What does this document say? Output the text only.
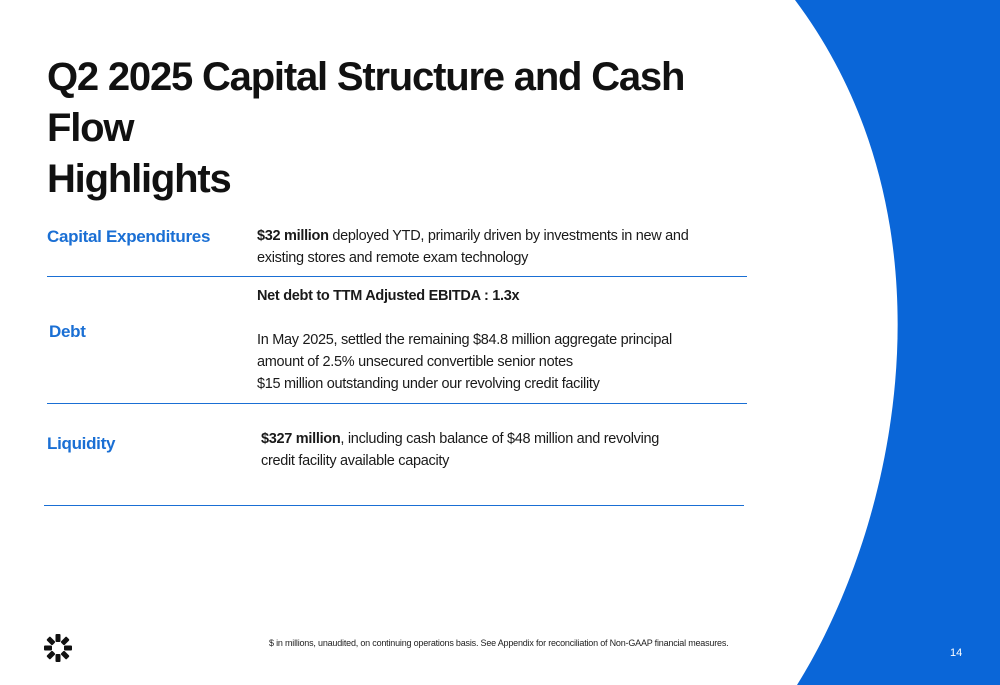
Q2 2025 Capital Structure and Cash Flow
Highlights
Capital Expenditures	$32 million deployed YTD, primarily driven by investments in new and existing stores and remote exam technology
Debt
Net debt to TTM Adjusted EBITDA : 1.3x
In May 2025, settled the remaining $84.8 million aggregate principal amount of 2.5% unsecured convertible senior notes
$15 million outstanding under our revolving credit facility
Liquidity	$327 million, including cash balance of $48 million and revolving credit facility available capacity
$ in millions, unaudited, on continuing operations basis. See Appendix for reconciliation of Non-GAAP financial measures.
14
